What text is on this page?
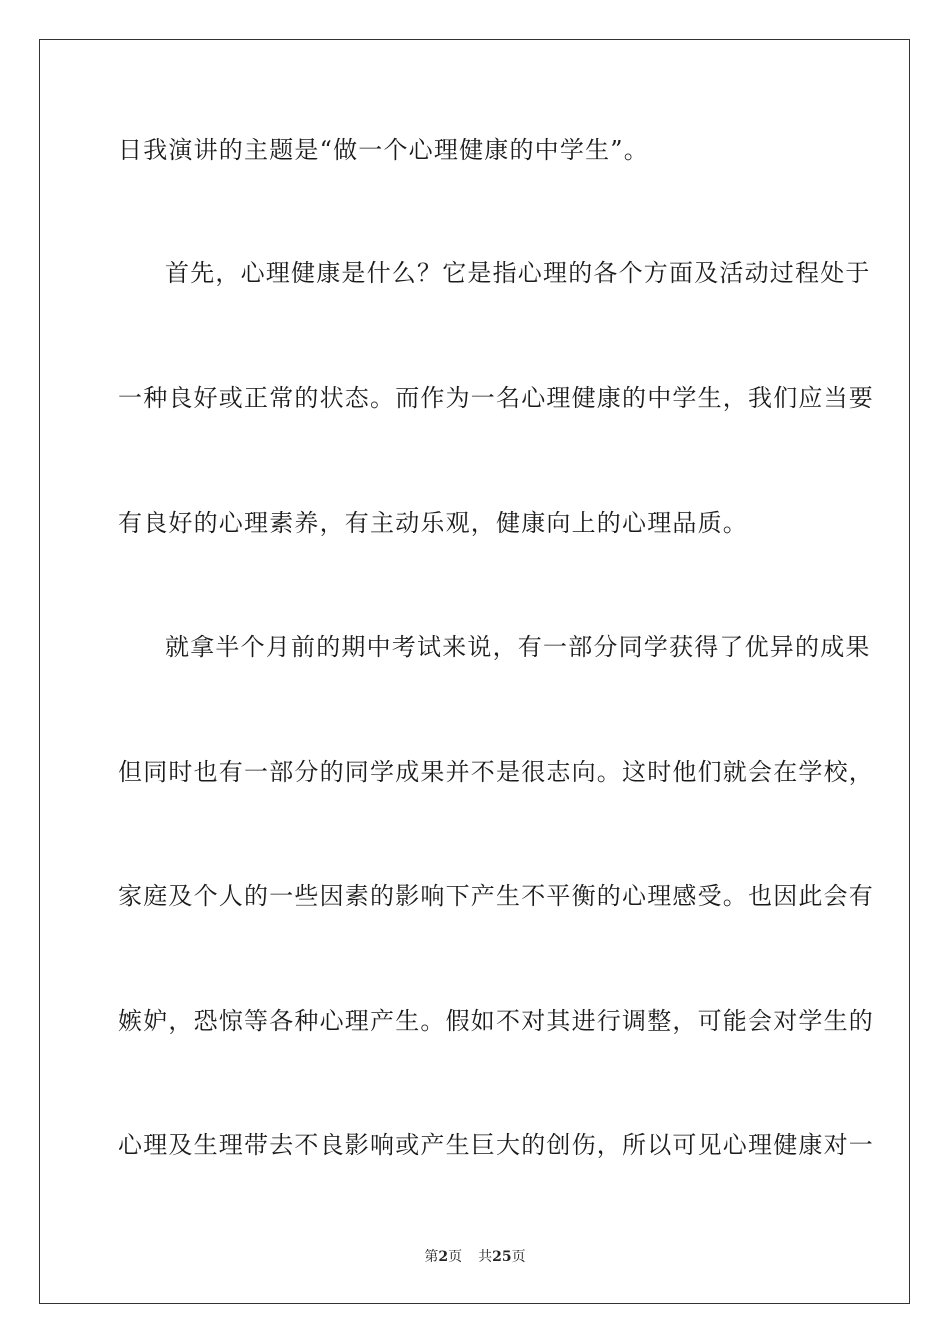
日我演讲的主题是“做一个心理健康的中学生”。
首先，心理健康是什么？它是指心理的各个方面及活动过程处于
一种良好或正常的状态。而作为一名心理健康的中学生，我们应当要
有良好的心理素养，有主动乐观，健康向上的心理品质。
就拿半个月前的期中考试来说，有一部分同学获得了优异的成果
但同时也有一部分的同学成果并不是很志向。这时他们就会在学校，
家庭及个人的一些因素的影响下产生不平衡的心理感受。也因此会有
嫉妒，恐惊等各种心理产生。假如不对其进行调整，可能会对学生的
心理及生理带去不良影响或产生巨大的创伤，所以可见心理健康对一
第2页 共25页
